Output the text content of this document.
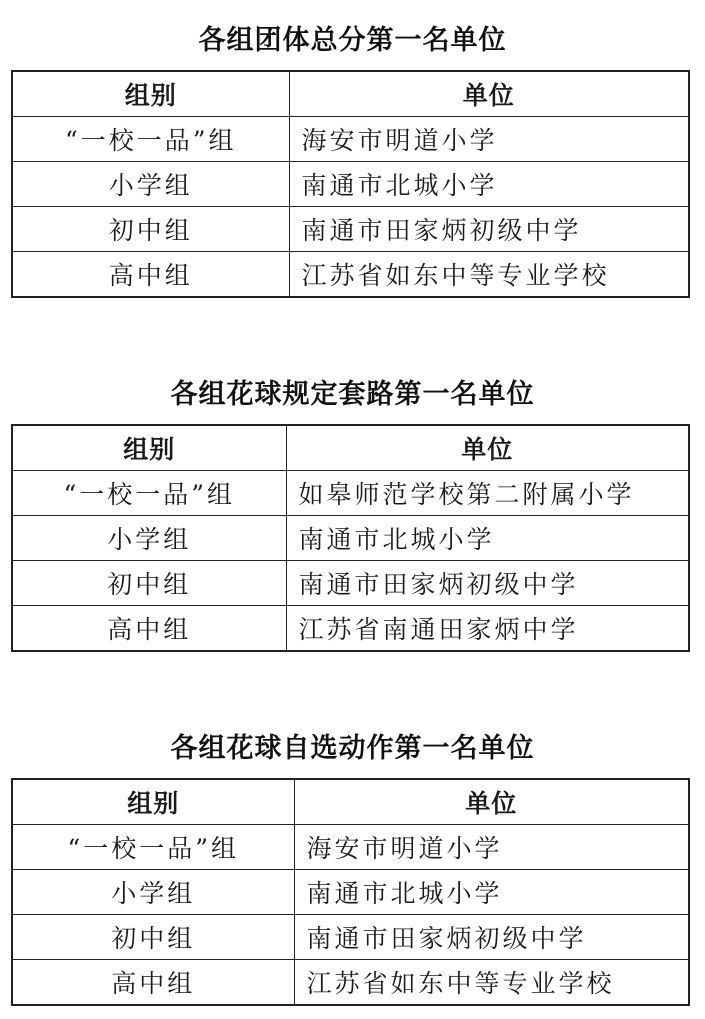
各组团体总分第一名单位
组别	单位
“一校一品”组	海安市明道小学
小学组	南通市北城小学
初中组	南通市田家炳初级中学
高中组	江苏省如东中等专业学校
各组花球规定套路第一名单位
组别	单位
“一校一品”组	如皋师范学校第二附属小学
小学组	南通市北城小学
初中组	南通市田家炳初级中学
高中组	江苏省南通田家炳中学
各组花球自选动作第一名单位
组别	单位
“一校一品”组	海安市明道小学
小学组	南通市北城小学
初中组	南通市田家炳初级中学
高中组	江苏省如东中等专业学校
